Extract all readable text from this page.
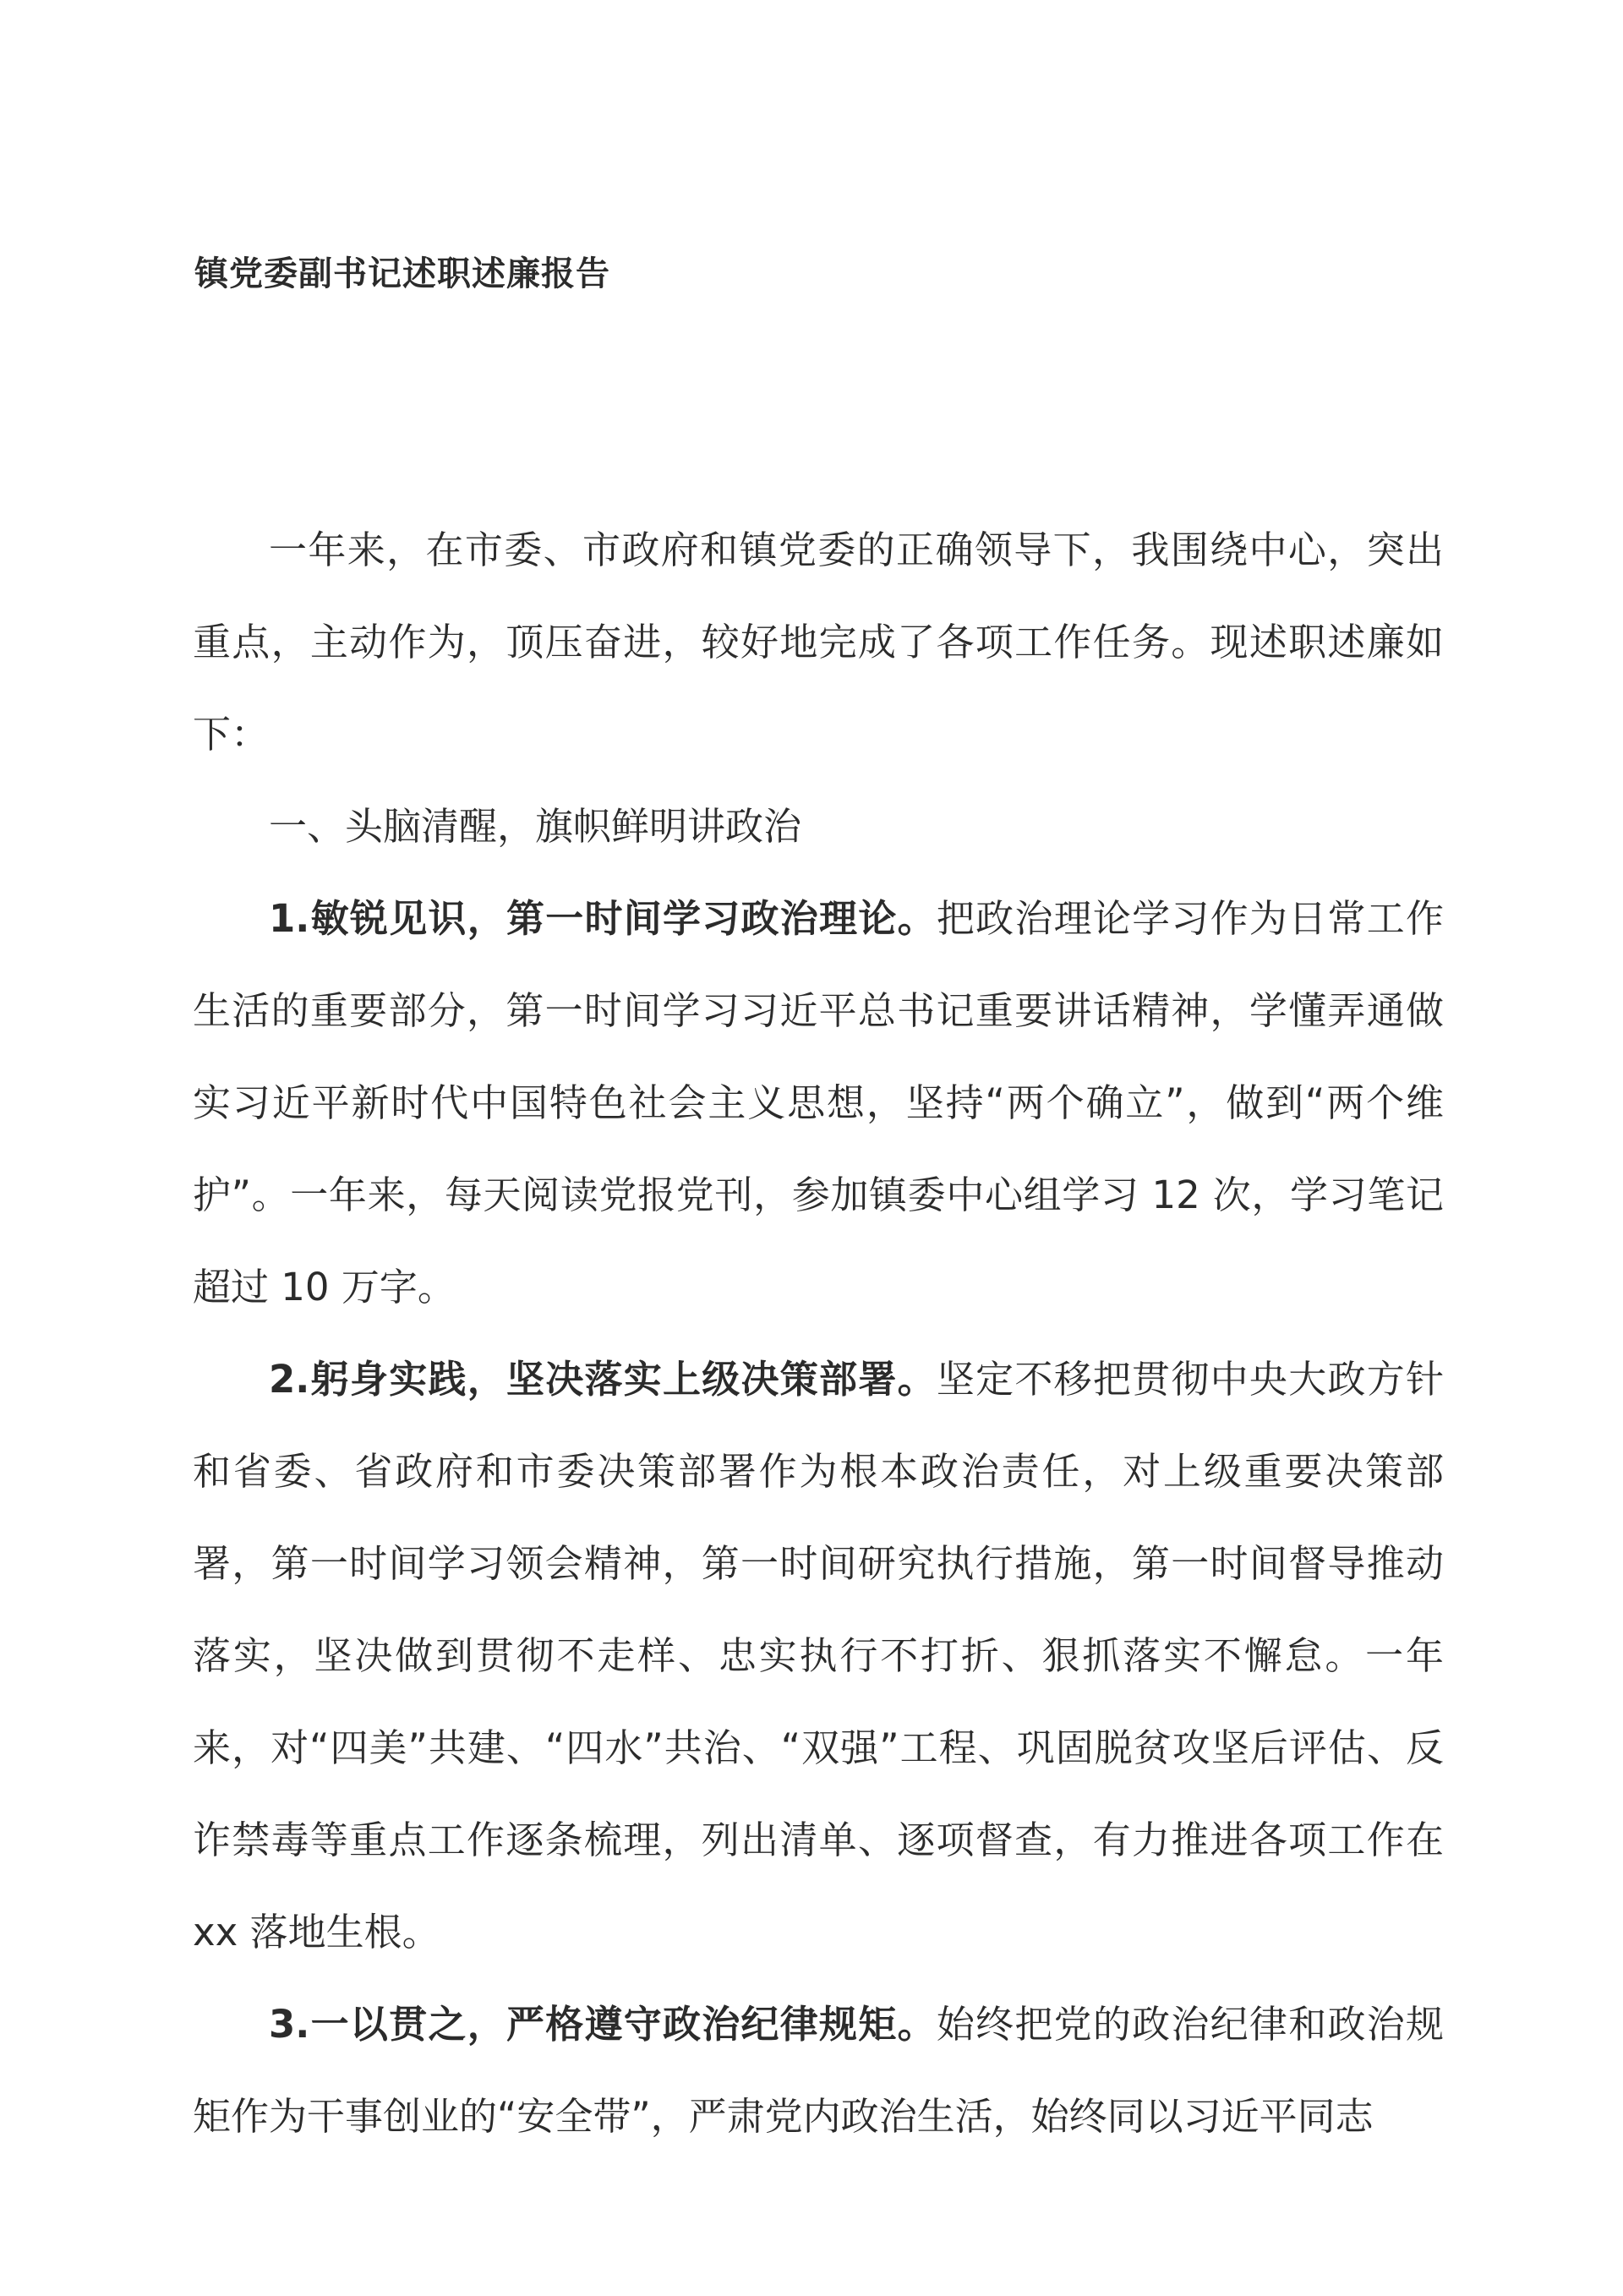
镇党委副书记述职述廉报告

一年来，在市委、市政府和镇党委的正确领导下，我围绕中心，突出重点，主动作为，顶压奋进，较好地完成了各项工作任务。现述职述廉如下：

一、头脑清醒，旗帜鲜明讲政治

1.敏锐见识，第一时间学习政治理论。把政治理论学习作为日常工作生活的重要部分，第一时间学习习近平总书记重要讲话精神，学懂弄通做实习近平新时代中国特色社会主义思想，坚持“两个确立”，做到“两个维护”。一年来，每天阅读党报党刊，参加镇委中心组学习 12 次，学习笔记超过 10 万字。

2.躬身实践，坚决落实上级决策部署。坚定不移把贯彻中央大政方针和省委、省政府和市委决策部署作为根本政治责任，对上级重要决策部署，第一时间学习领会精神，第一时间研究执行措施，第一时间督导推动落实，坚决做到贯彻不走样、忠实执行不打折、狠抓落实不懈怠。一年来，对“四美”共建、“四水”共治、“双强”工程、巩固脱贫攻坚后评估、反诈禁毒等重点工作逐条梳理，列出清单、逐项督查，有力推进各项工作在 xx 落地生根。

3.一以贯之，严格遵守政治纪律规矩。始终把党的政治纪律和政治规矩作为干事创业的“安全带”，严肃党内政治生活，始终同以习近平同志
